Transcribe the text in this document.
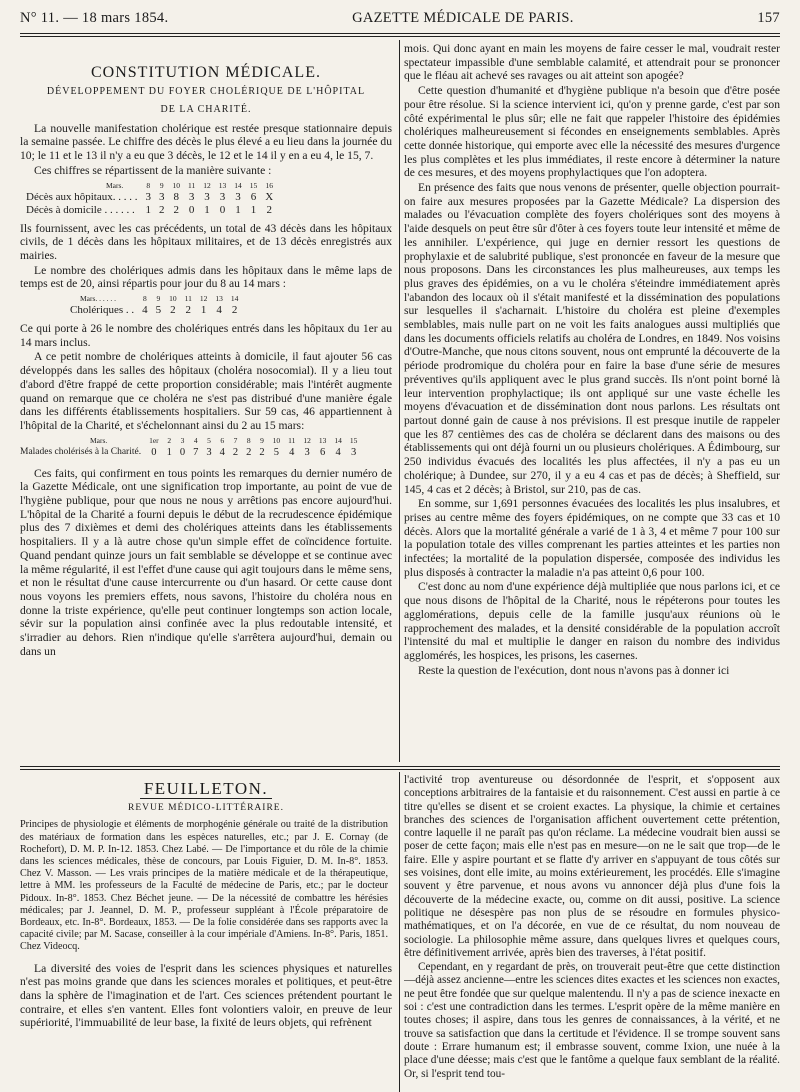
N° 11. — 18 mars 1854.	GAZETTE MÉDICALE DE PARIS.	157
CONSTITUTION MÉDICALE.
DÉVELOPPEMENT DU FOYER CHOLÉRIQUE DE L'HÔPITAL
DE LA CHARITÉ.

La nouvelle manifestation cholérique est restée presque stationnaire depuis la semaine passée. Le chiffre des décès le plus élevé a eu lieu dans la journée du 10; le 11 et le 13 il n'y a eu que 3 décès, le 12 et le 14 il y en a eu 4, le 15, 7.

Ces chiffres se répartissent de la manière suivante :

Mars.	8	9	10	11	12	13	14	15	16
Décès aux hôpitaux. . . . .	3	3	8	3	3	3	3	6	X
Décès à domicile . . . . . .	1	2	2	0	1	0	1	1	2

Ils fournissent, avec les cas précédents, un total de 43 décès dans les hôpitaux civils, de 1 décès dans les hôpitaux militaires, et de 13 décès enregistrés aux mairies.

Le nombre des cholériques admis dans les hôpitaux dans le même laps de temps est de 20, ainsi répartis pour jour du 8 au 14 mars :

Mars. . . . . .	8	9	10	11	12	13	14
Cholériques . .	4	5	2	2	1	4	2

Ce qui porte à 26 le nombre des cholériques entrés dans les hôpitaux du 1er au 14 mars inclus.

A ce petit nombre de cholériques atteints à domicile, il faut ajouter 56 cas développés dans les salles des hôpitaux (choléra nosocomial). Il y a lieu tout d'abord d'être frappé de cette proportion considérable; mais l'intérêt augmente quand on remarque que ce choléra ne s'est pas distribué d'une manière égale dans les différents établissements hospitaliers. Sur 59 cas, 46 appartiennent à l'hôpital de la Charité, et s'échelonnant ainsi du 2 au 15 mars:

Mars.	1er	2	3	4	5	6	7	8	9	10	11	12	13	14	15
Malades cholérisés à la Charité.	0	1	0	7	3	4	2	2	2	5	4	3	6	4	3

Ces faits, qui confirment en tous points les remarques du dernier numéro de la Gazette Médicale, ont une signification trop importante, au point de vue de l'hygiène publique, pour que nous ne nous y arrêtions pas encore aujourd'hui. L'hôpital de la Charité a fourni depuis le début de la recrudescence épidémique plus des 7 dixièmes et demi des cholériques atteints dans les établissements hospitaliers. Il y a là autre chose qu'un simple effet de coïncidence fortuite. Quand pendant quinze jours un fait semblable se développe et se continue avec la même régularité, il est l'effet d'une cause qui agit toujours dans le même sens, et non le résultat d'une cause intercurrente ou d'un hasard. Or cette cause dont nous voyons les premiers effets, nous savons, l'histoire du choléra nous en donne la triste expérience, qu'elle peut continuer longtemps son action locale, sévir sur la population ainsi confinée avec la plus redoutable intensité, et s'irradier au dehors. Rien n'indique qu'elle s'arrêtera aujourd'hui, demain ou dans un

mois. Qui donc ayant en main les moyens de faire cesser le mal, voudrait rester spectateur impassible d'une semblable calamité, et attendrait pour se prononcer que le fléau ait achevé ses ravages ou ait atteint son apogée?

Cette question d'humanité et d'hygiène publique n'a besoin que d'être posée pour être résolue. Si la science intervient ici, qu'on y prenne garde, c'est par son côté expérimental le plus sûr; elle ne fait que rappeler l'histoire des épidémies cholériques malheureusement si fécondes en enseignements semblables. Après cette donnée historique, qui emporte avec elle la nécessité des mesures d'urgence les plus complètes et les plus immédiates, il reste encore à déterminer la nature de ces mesures, et des moyens prophylactiques que l'on adoptera.

En présence des faits que nous venons de présenter, quelle objection pourrait-on faire aux mesures proposées par la Gazette Médicale? La dispersion des malades ou l'évacuation complète des foyers cholériques sont des moyens à l'aide desquels on peut être sûr d'ôter à ces foyers toute leur intensité et même de les annihiler. L'expérience, qui juge en dernier ressort les questions de prophylaxie et de salubrité publique, s'est prononcée en faveur de la mesure que nous proposons. Dans les circonstances les plus malheureuses, aux temps les plus graves des épidémies, on a vu le choléra s'éteindre immédiatement après l'abandon des locaux où il s'était manifesté et la dissémination des populations sur lesquelles il s'acharnait. L'histoire du choléra est pleine d'exemples semblables, mais nulle part on ne voit les faits analogues aussi multipliés que dans les documents officiels relatifs au choléra de Londres, en 1849. Nos voisins d'Outre-Manche, que nous citons souvent, nous ont emprunté la découverte de la période prodromique du choléra pour en faire la base d'une série de mesures préventives qu'ils appliquent avec le plus grand succès. Ils n'ont point borné là leur intervention prophylactique; ils ont appliqué sur une vaste échelle les moyens d'évacuation et de dissémination dont nous parlons. Les résultats ont partout donné gain de cause à nos prévisions. Il est presque inutile de rappeler que les 87 centièmes des cas de choléra se déclarent dans des maisons ou des établissements qui ont déjà fourni un ou plusieurs cholériques. A Édimbourg, sur 250 individus évacués des localités les plus affectées, il n'y a pas eu un cholérique; à Dundee, sur 270, il y a eu 4 cas et pas de décès; à Sheffield, sur 145, 4 cas et 2 décès; à Bristol, sur 210, pas de cas.

En somme, sur 1,691 personnes évacuées des localités les plus insalubres, et prises au centre même des foyers épidémiques, on ne compte que 33 cas et 10 décès. Alors que la mortalité générale a varié de 1 à 3, 4 et même 7 pour 100 sur la population totale des villes comprenant les parties atteintes et les parties non infectées; la mortalité de la population dispersée, composée des individus les plus disposés à contracter la maladie n'a pas atteint 0,6 pour 100.

C'est donc au nom d'une expérience déjà multipliée que nous parlons ici, et ce que nous disons de l'hôpital de la Charité, nous le répéterons pour toutes les agglomérations, depuis celle de la famille jusqu'aux réunions où le rapprochement des malades, et la densité considérable de la population accroît l'intensité du mal et multiplie le danger en raison du nombre des individus agglomérés, les hospices, les prisons, les casernes.

Reste la question de l'exécution, dont nous n'avons pas à donner ici

FEUILLETON.
REVUE MÉDICO-LITTÉRAIRE.

Principes de physiologie et éléments de morphogénie générale ou traité de la distribution des matériaux de formation dans les espèces naturelles, etc.; par J. E. Cornay (de Rochefort), D. M. P. In-12. 1853. Chez Labé. — De l'importance et du rôle de la chimie dans les sciences médicales, thèse de concours, par Louis Figuier, D. M. In-8°. 1853. Chez V. Masson. — Les vrais principes de la matière médicale et de la thérapeutique, lettre à MM. les professeurs de la Faculté de médecine de Paris, etc.; par le docteur Pidoux. In-8°. 1853. Chez Béchet jeune. — De la nécessité de combattre les hérésies médicales; par J. Jeannel, D. M. P., professeur suppléant à l'École préparatoire de Bordeaux, etc. In-8°. Bordeaux, 1853. — De la folie considérée dans ses rapports avec la capacité civile; par M. Sacase, conseiller à la cour impériale d'Amiens. In-8°. Paris, 1851. Chez Videocq.

La diversité des voies de l'esprit dans les sciences physiques et naturelles n'est pas moins grande que dans les sciences morales et politiques, et peut-être dans la sphère de l'imagination et de l'art. Ces sciences prétendent pourtant le contraire, et elles s'en vantent. Elles font volontiers valoir, en preuve de leur supériorité, l'immuabilité de leur base, la fixité de leurs objets, qui refrènent

l'activité trop aventureuse ou désordonnée de l'esprit, et s'opposent aux conceptions arbitraires de la fantaisie et du raisonnement. C'est aussi en partie à ce titre qu'elles se disent et se croient exactes. La physique, la chimie et certaines branches des sciences de l'organisation affichent ouvertement cette prétention, contre laquelle il ne paraît pas qu'on réclame. La médecine voudrait bien aussi se poser de cette façon; mais elle n'est pas en mesure—on ne le sait que trop—de le faire. Elle y aspire pourtant et se flatte d'y arriver en s'appuyant de tous côtés sur ses voisines, dont elle imite, au moins extérieurement, les procédés. Elle s'imagine souvent y être parvenue, et nous avons vu annoncer déjà plus d'une fois la découverte de la médecine exacte, ou, comme on dit aussi, positive. La science politique ne désespère pas non plus de se résoudre en formules physico-mathématiques, et on l'a décorée, en vue de ce résultat, du nom nouveau de sociologie. La philosophie même assure, dans quelques livres et quelques cours, être définitivement arrivée, après bien des traverses, à l'état positif.

Cependant, en y regardant de près, on trouverait peut-être que cette distinction—déjà assez ancienne—entre les sciences dites exactes et les sciences non exactes, ne peut être fondée que sur quelque malentendu. Il n'y a pas de science inexacte en soi : c'est une contradiction dans les termes. L'esprit opère de la même manière en toutes choses; il aspire, dans tous les genres de connaissances, à la vérité, et ne trouve sa satisfaction que dans la certitude et l'évidence. Il se trompe souvent sans doute : Errare humanum est; il embrasse souvent, comme Ixion, une nuée à la place d'une déesse; mais c'est que le fantôme a quelque faux semblant de la réalité. Or, si l'esprit tend tou-
